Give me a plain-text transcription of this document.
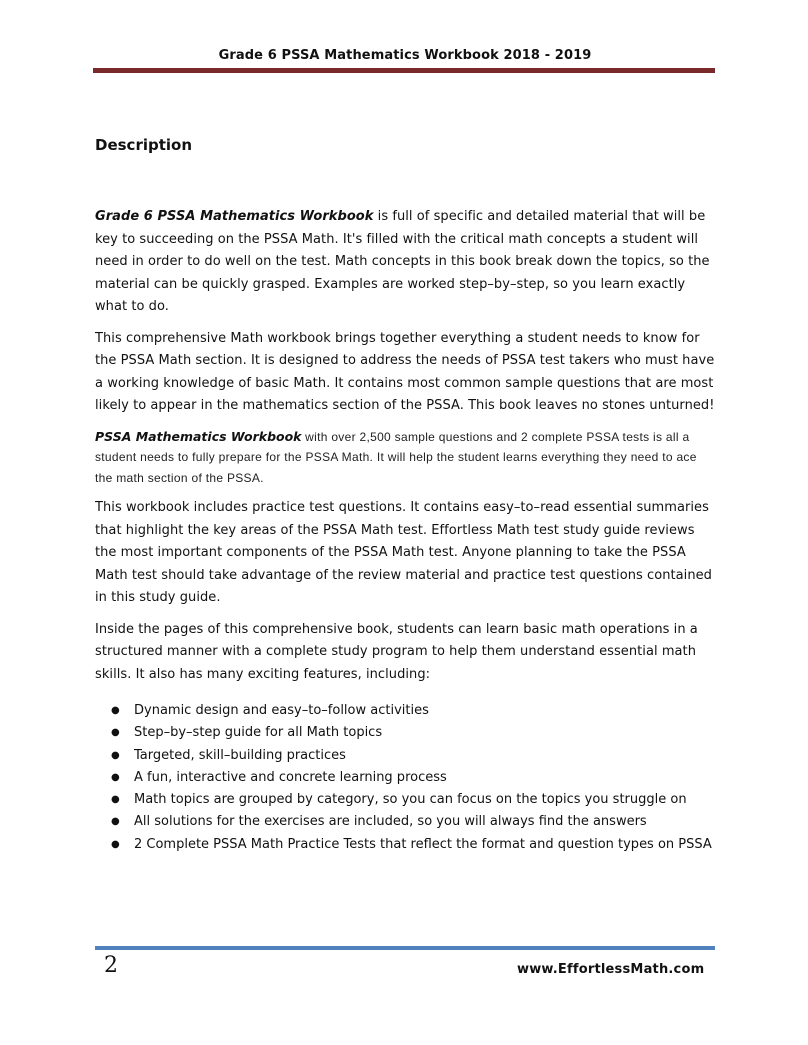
Grade 6 PSSA Mathematics Workbook 2018 - 2019
Description

Grade 6 PSSA Mathematics Workbook is full of specific and detailed material that will be key to succeeding on the PSSA Math. It's filled with the critical math concepts a student will need in order to do well on the test. Math concepts in this book break down the topics, so the material can be quickly grasped. Examples are worked step–by–step, so you learn exactly what to do.

This comprehensive Math workbook brings together everything a student needs to know for the PSSA Math section. It is designed to address the needs of PSSA test takers who must have a working knowledge of basic Math. It contains most common sample questions that are most likely to appear in the mathematics section of the PSSA. This book leaves no stones unturned!

PSSA Mathematics Workbook with over 2,500 sample questions and 2 complete PSSA tests is all a student needs to fully prepare for the PSSA Math. It will help the student learns everything they need to ace the math section of the PSSA.

This workbook includes practice test questions. It contains easy–to–read essential summaries that highlight the key areas of the PSSA Math test. Effortless Math test study guide reviews the most important components of the PSSA Math test. Anyone planning to take the PSSA Math test should take advantage of the review material and practice test questions contained in this study guide.

Inside the pages of this comprehensive book, students can learn basic math operations in a structured manner with a complete study program to help them understand essential math skills. It also has many exciting features, including:

● Dynamic design and easy–to–follow activities
● Step–by–step guide for all Math topics
● Targeted, skill–building practices
● A fun, interactive and concrete learning process
● Math topics are grouped by category, so you can focus on the topics you struggle on
● All solutions for the exercises are included, so you will always find the answers
● 2 Complete PSSA Math Practice Tests that reflect the format and question types on PSSA
2	www.EffortlessMath.com
